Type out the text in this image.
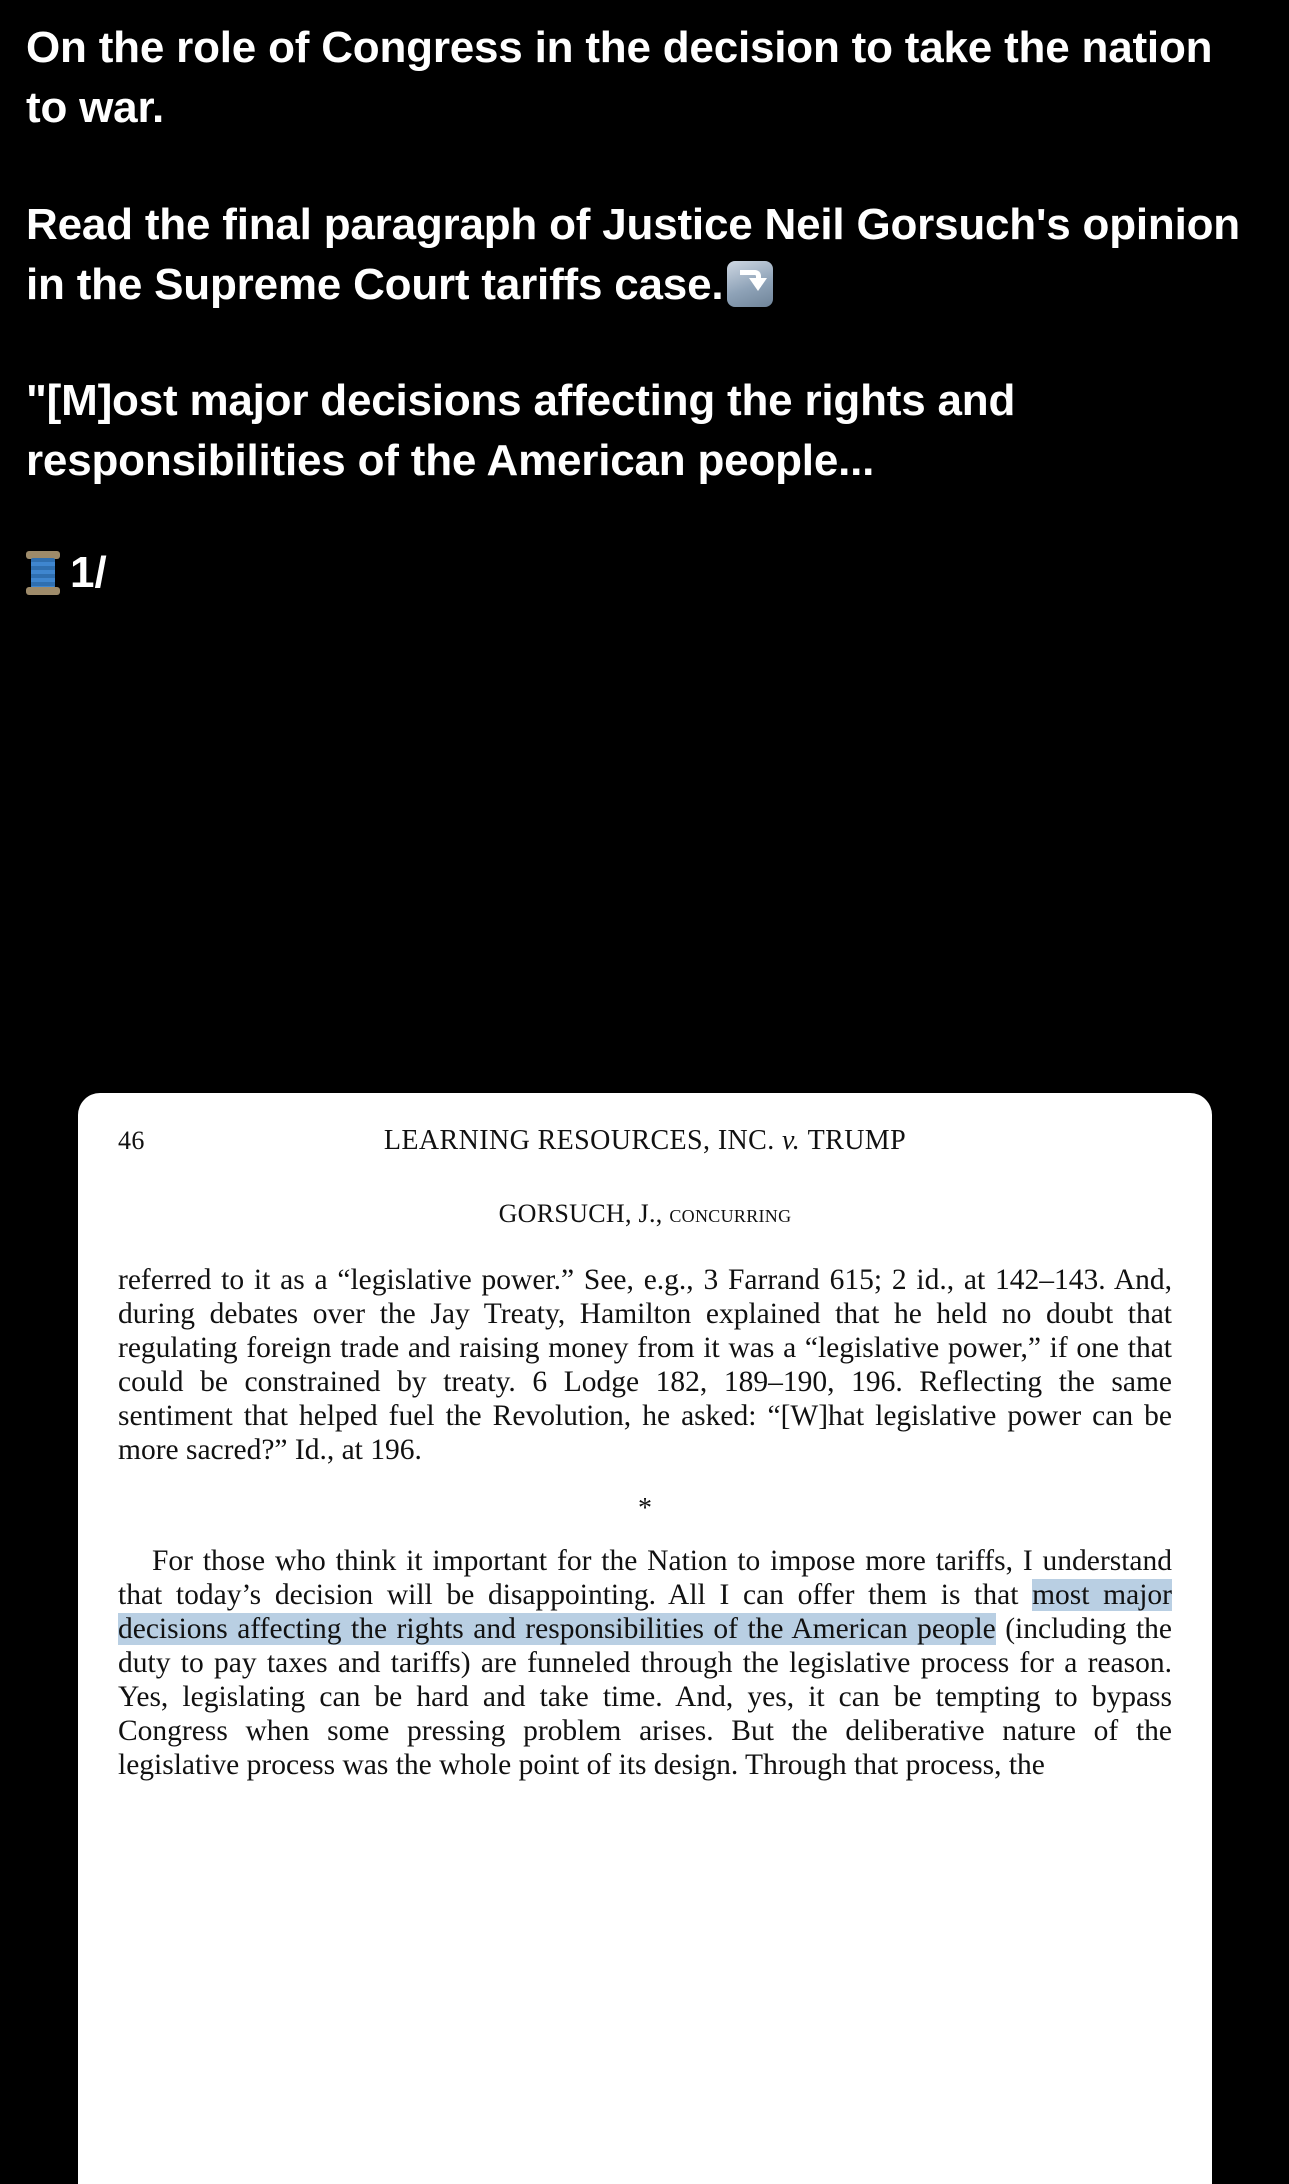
On the role of Congress in the decision to take the nation to war.

Read the final paragraph of Justice Neil Gorsuch's opinion in the Supreme Court tariffs case.

"[M]ost major decisions affecting the rights and responsibilities of the American people...

1/
46	LEARNING RESOURCES, INC. v. TRUMP
GORSUCH, J., concurring

referred to it as a “legislative power.” See, e.g., 3 Farrand 615; 2 id., at 142–143. And, during debates over the Jay Treaty, Hamilton explained that he held no doubt that regulating foreign trade and raising money from it was a “legislative power,” if one that could be constrained by treaty. 6 Lodge 182, 189–190, 196. Reflecting the same sentiment that helped fuel the Revolution, he asked: “[W]hat legislative power can be more sacred?” Id., at 196.

*

For those who think it important for the Nation to impose more tariffs, I understand that today’s decision will be disappointing. All I can offer them is that most major decisions affecting the rights and responsibilities of the American people (including the duty to pay taxes and tariffs) are funneled through the legislative process for a reason. Yes, legislating can be hard and take time. And, yes, it can be tempting to bypass Congress when some pressing problem arises. But the deliberative nature of the legislative process was the whole point of its design. Through that process, the
